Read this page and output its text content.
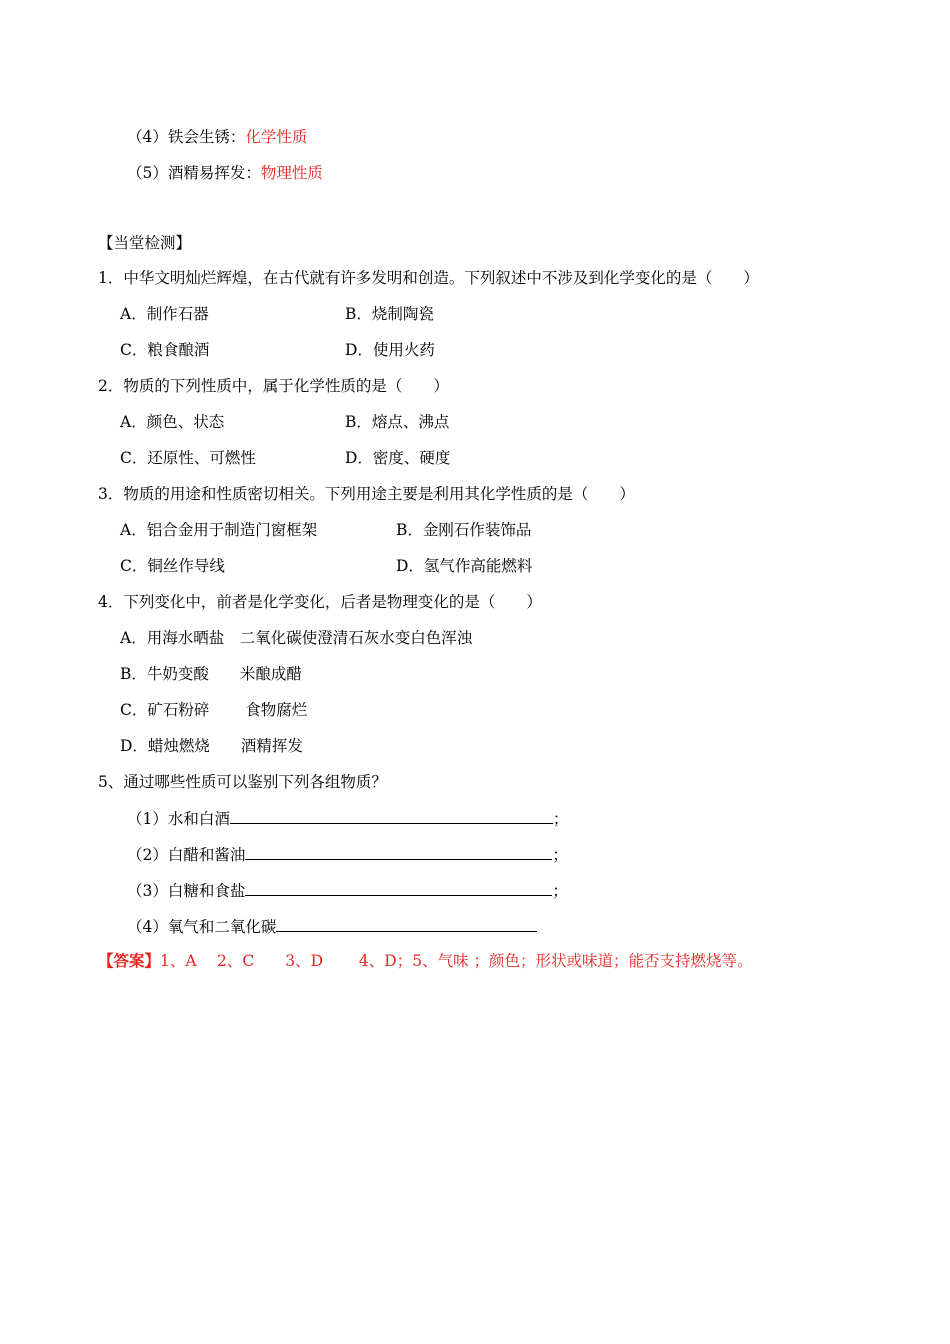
（4）铁会生锈：化学性质
（5）酒精易挥发：物理性质
【当堂检测】
1．中华文明灿烂辉煌，在古代就有许多发明和创造。下列叙述中不涉及到化学变化的是（　　）
A．制作石器	B．烧制陶瓷
C．粮食酿酒	D．使用火药
2．物质的下列性质中，属于化学性质的是（　　）
A．颜色、状态	B．熔点、沸点
C．还原性、可燃性	D．密度、硬度
3．物质的用途和性质密切相关。下列用途主要是利用其化学性质的是（　　）
A．铝合金用于制造门窗框架	B．金刚石作装饰品
C．铜丝作导线	D．氢气作高能燃料
4．下列变化中，前者是化学变化，后者是物理变化的是（　　）
A．用海水晒盐　二氧化碳使澄清石灰水变白色浑浊
B．牛奶变酸　　米酿成醋
C．矿石粉碎　　 食物腐烂
D．蜡烛燃烧　　酒精挥发
5、通过哪些性质可以鉴别下列各组物质？
（1）水和白酒	；
（2）白醋和酱油	；
（3）白糖和食盐	；
（4）氧气和二氧化碳
【答案】1、A　 2、C　　3、D　　 4、D；5、气味 ；颜色；形状或味道；能否支持燃烧等。
